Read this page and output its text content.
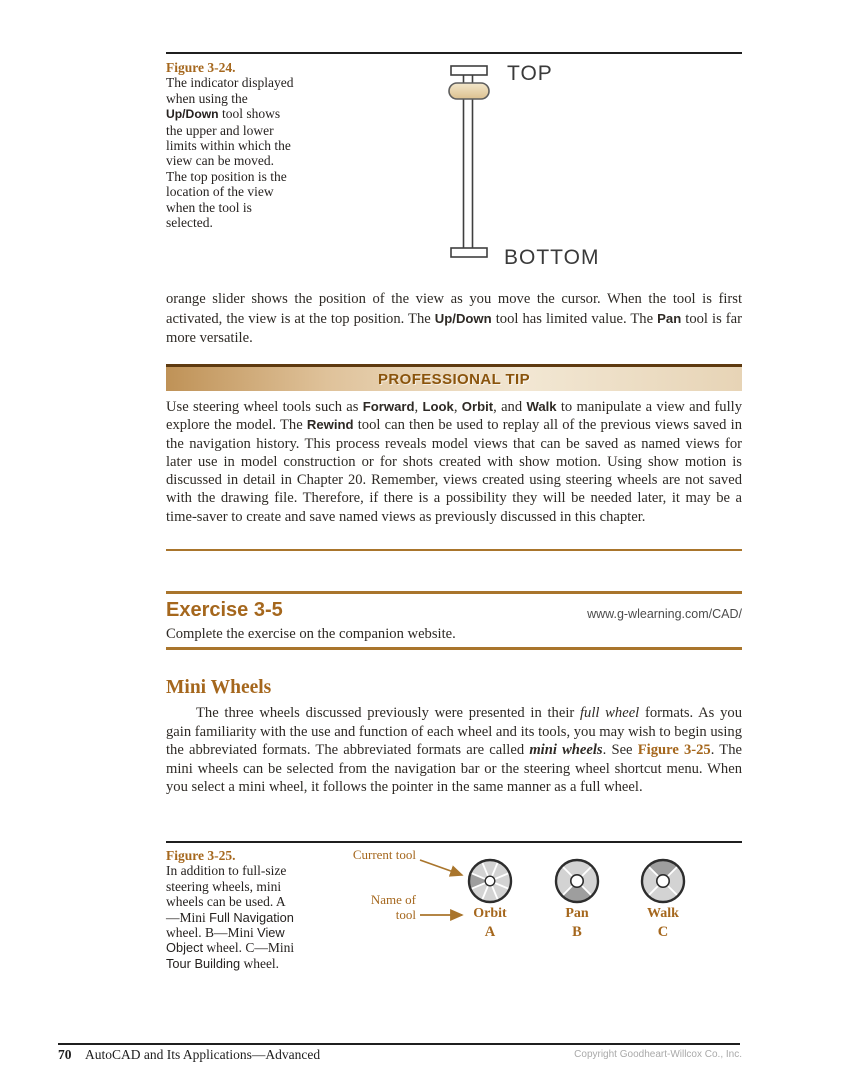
Figure 3-24.
The indicator displayed when using the Up/Down tool shows the upper and lower limits within which the view can be moved. The top position is the location of the view when the tool is selected.
TOP
BOTTOM
orange slider shows the position of the view as you move the cursor. When the tool is first activated, the view is at the top position. The Up/Down tool has limited value. The Pan tool is far more versatile.
PROFESSIONAL TIP
Use steering wheel tools such as Forward, Look, Orbit, and Walk to manipulate a view and fully explore the model. The Rewind tool can then be used to replay all of the previous views saved in the navigation history. This process reveals model views that can be saved as named views for later use in model construction or for shots created with show motion. Using show motion is discussed in detail in Chapter 20. Remember, views created using steering wheels are not saved with the drawing file. Therefore, if there is a possibility they will be needed later, it may be a time-saver to create and save named views as previously discussed in this chapter.
Exercise 3-5	www.g-wlearning.com/CAD/
Complete the exercise on the companion website.
Mini Wheels
The three wheels discussed previously were presented in their full wheel formats. As you gain familiarity with the use and function of each wheel and its tools, you may wish to begin using the abbreviated formats. The abbreviated formats are called mini wheels. See Figure 3-25. The mini wheels can be selected from the navigation bar or the steering wheel shortcut menu. When you select a mini wheel, it follows the pointer in the same manner as a full wheel.
Figure 3-25.
In addition to full-size steering wheels, mini wheels can be used. A—Mini Full Navigation wheel. B—Mini View Object wheel. C—Mini Tour Building wheel.
Current tool
Name of tool	Orbit	Pan	Walk
A	B	C
70 AutoCAD and Its Applications—Advanced	Copyright Goodheart-Willcox Co., Inc.
